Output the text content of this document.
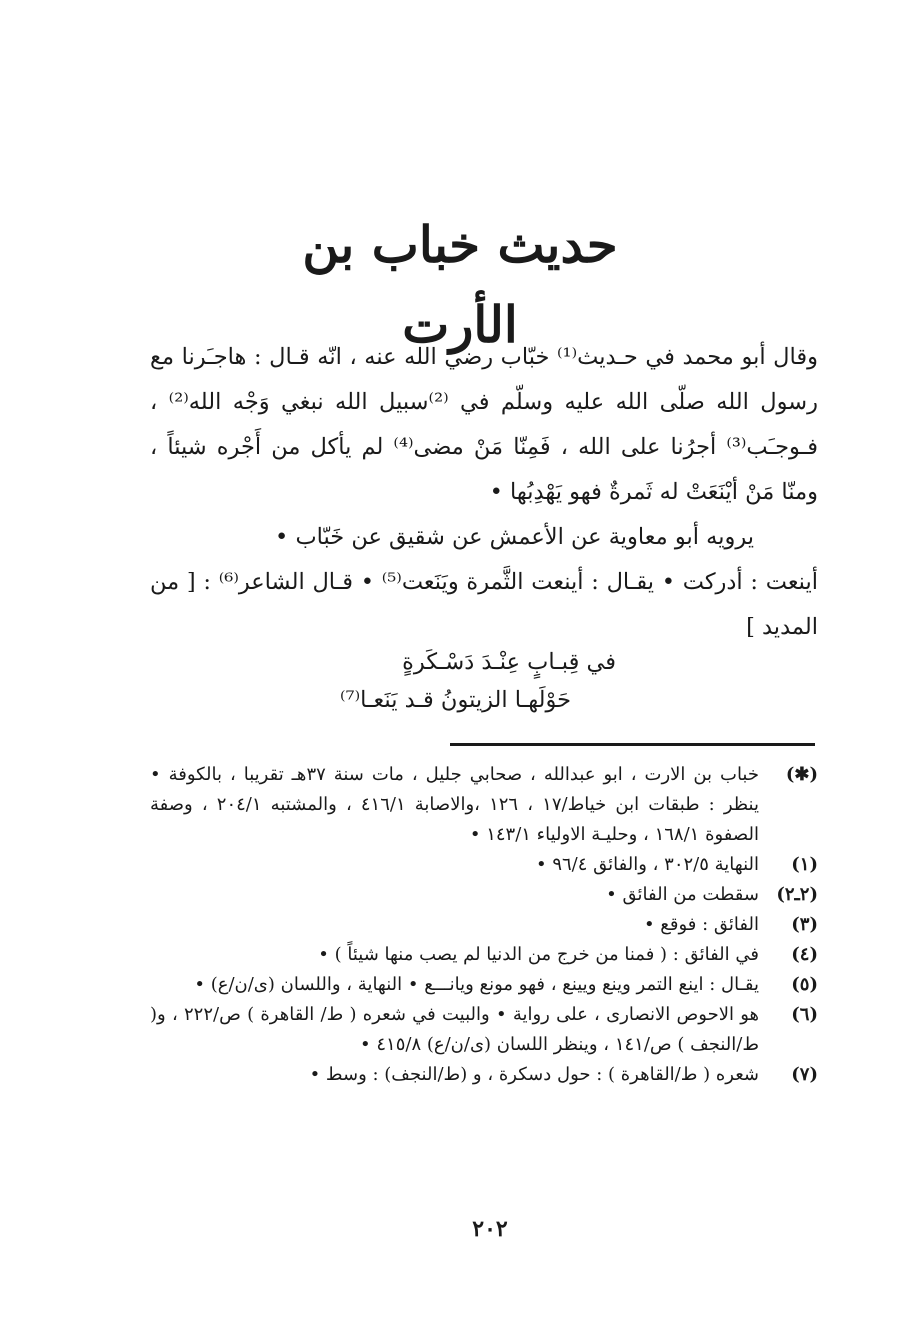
حديث خباب بن الأرت

وقال أبو محمد في حـديث⁽¹⁾ خبّاب رضي الله عنه ، انّه قـال : هاجـَرنا مع رسول الله صلّى الله عليه وسلّم في ⁽²⁾سبيل الله نبغي وَجْه الله⁽²⁾ ، فـوجـَب⁽³⁾ أجرُنا على الله ، فَمِنّا مَنْ مضى⁽⁴⁾ لم يأكل من أَجْره شيئاً ، ومنّا مَنْ أيْنَعَتْ له ثَمرةٌ فهو يَهْدِبُها •

يرويه أبو معاوية عن الأعمش عن شقيق عن خَبّاب •

أينعت : أدركت • يقـال : أينعت الثَّمرة ويَنَعت⁽⁵⁾ • قـال الشاعر⁽⁶⁾ : [ من المديد ]

في قِبـابٍ عِنْـدَ دَسْـكَرةٍ
حَوْلَهـا الزيتونُ قـد يَنَعـا⁽⁷⁾
(✱)
خباب بن الارت ، ابو عبدالله ، صحابي جليل ، مات سنة ٣٧هـ تقريبا ، بالكوفة • ينظر : طبقات ابن خياط/١٧ ، ١٢٦ ،والاصابة ٤١٦/١ ، والمشتبه ٢٠٤/١ ، وصفة الصفوة ١٦٨/١ ، وحليـة الاولياء ١٤٣/١ •
(١)
النهاية ٣٠٢/٥ ، والفائق ٩٦/٤ •
(٢ـ٢)
سقطت من الفائق •
(٣)
الفائق : فوقع •
(٤)
في الفائق : ( فمنا من خرج من الدنيا لم يصب منها شيئاً ) •
(٥)
يقـال : اينع التمر وينع ويينع ، فهو مونع ويانـــع • النهاية ، واللسان (ى/ن/ع) •
(٦)
هو الاحوص الانصارى ، على رواية • والبيت في شعره ( ط/ القاهرة ) ص/٢٢٢ ، و( ط/النجف ) ص/١٤١ ، وينظر اللسان (ى/ن/ع) ٤١٥/٨ •
(٧)
شعره ( ط/القاهرة ) : حول دسكرة ، و (ط/النجف) : وسط •
٢٠٢
